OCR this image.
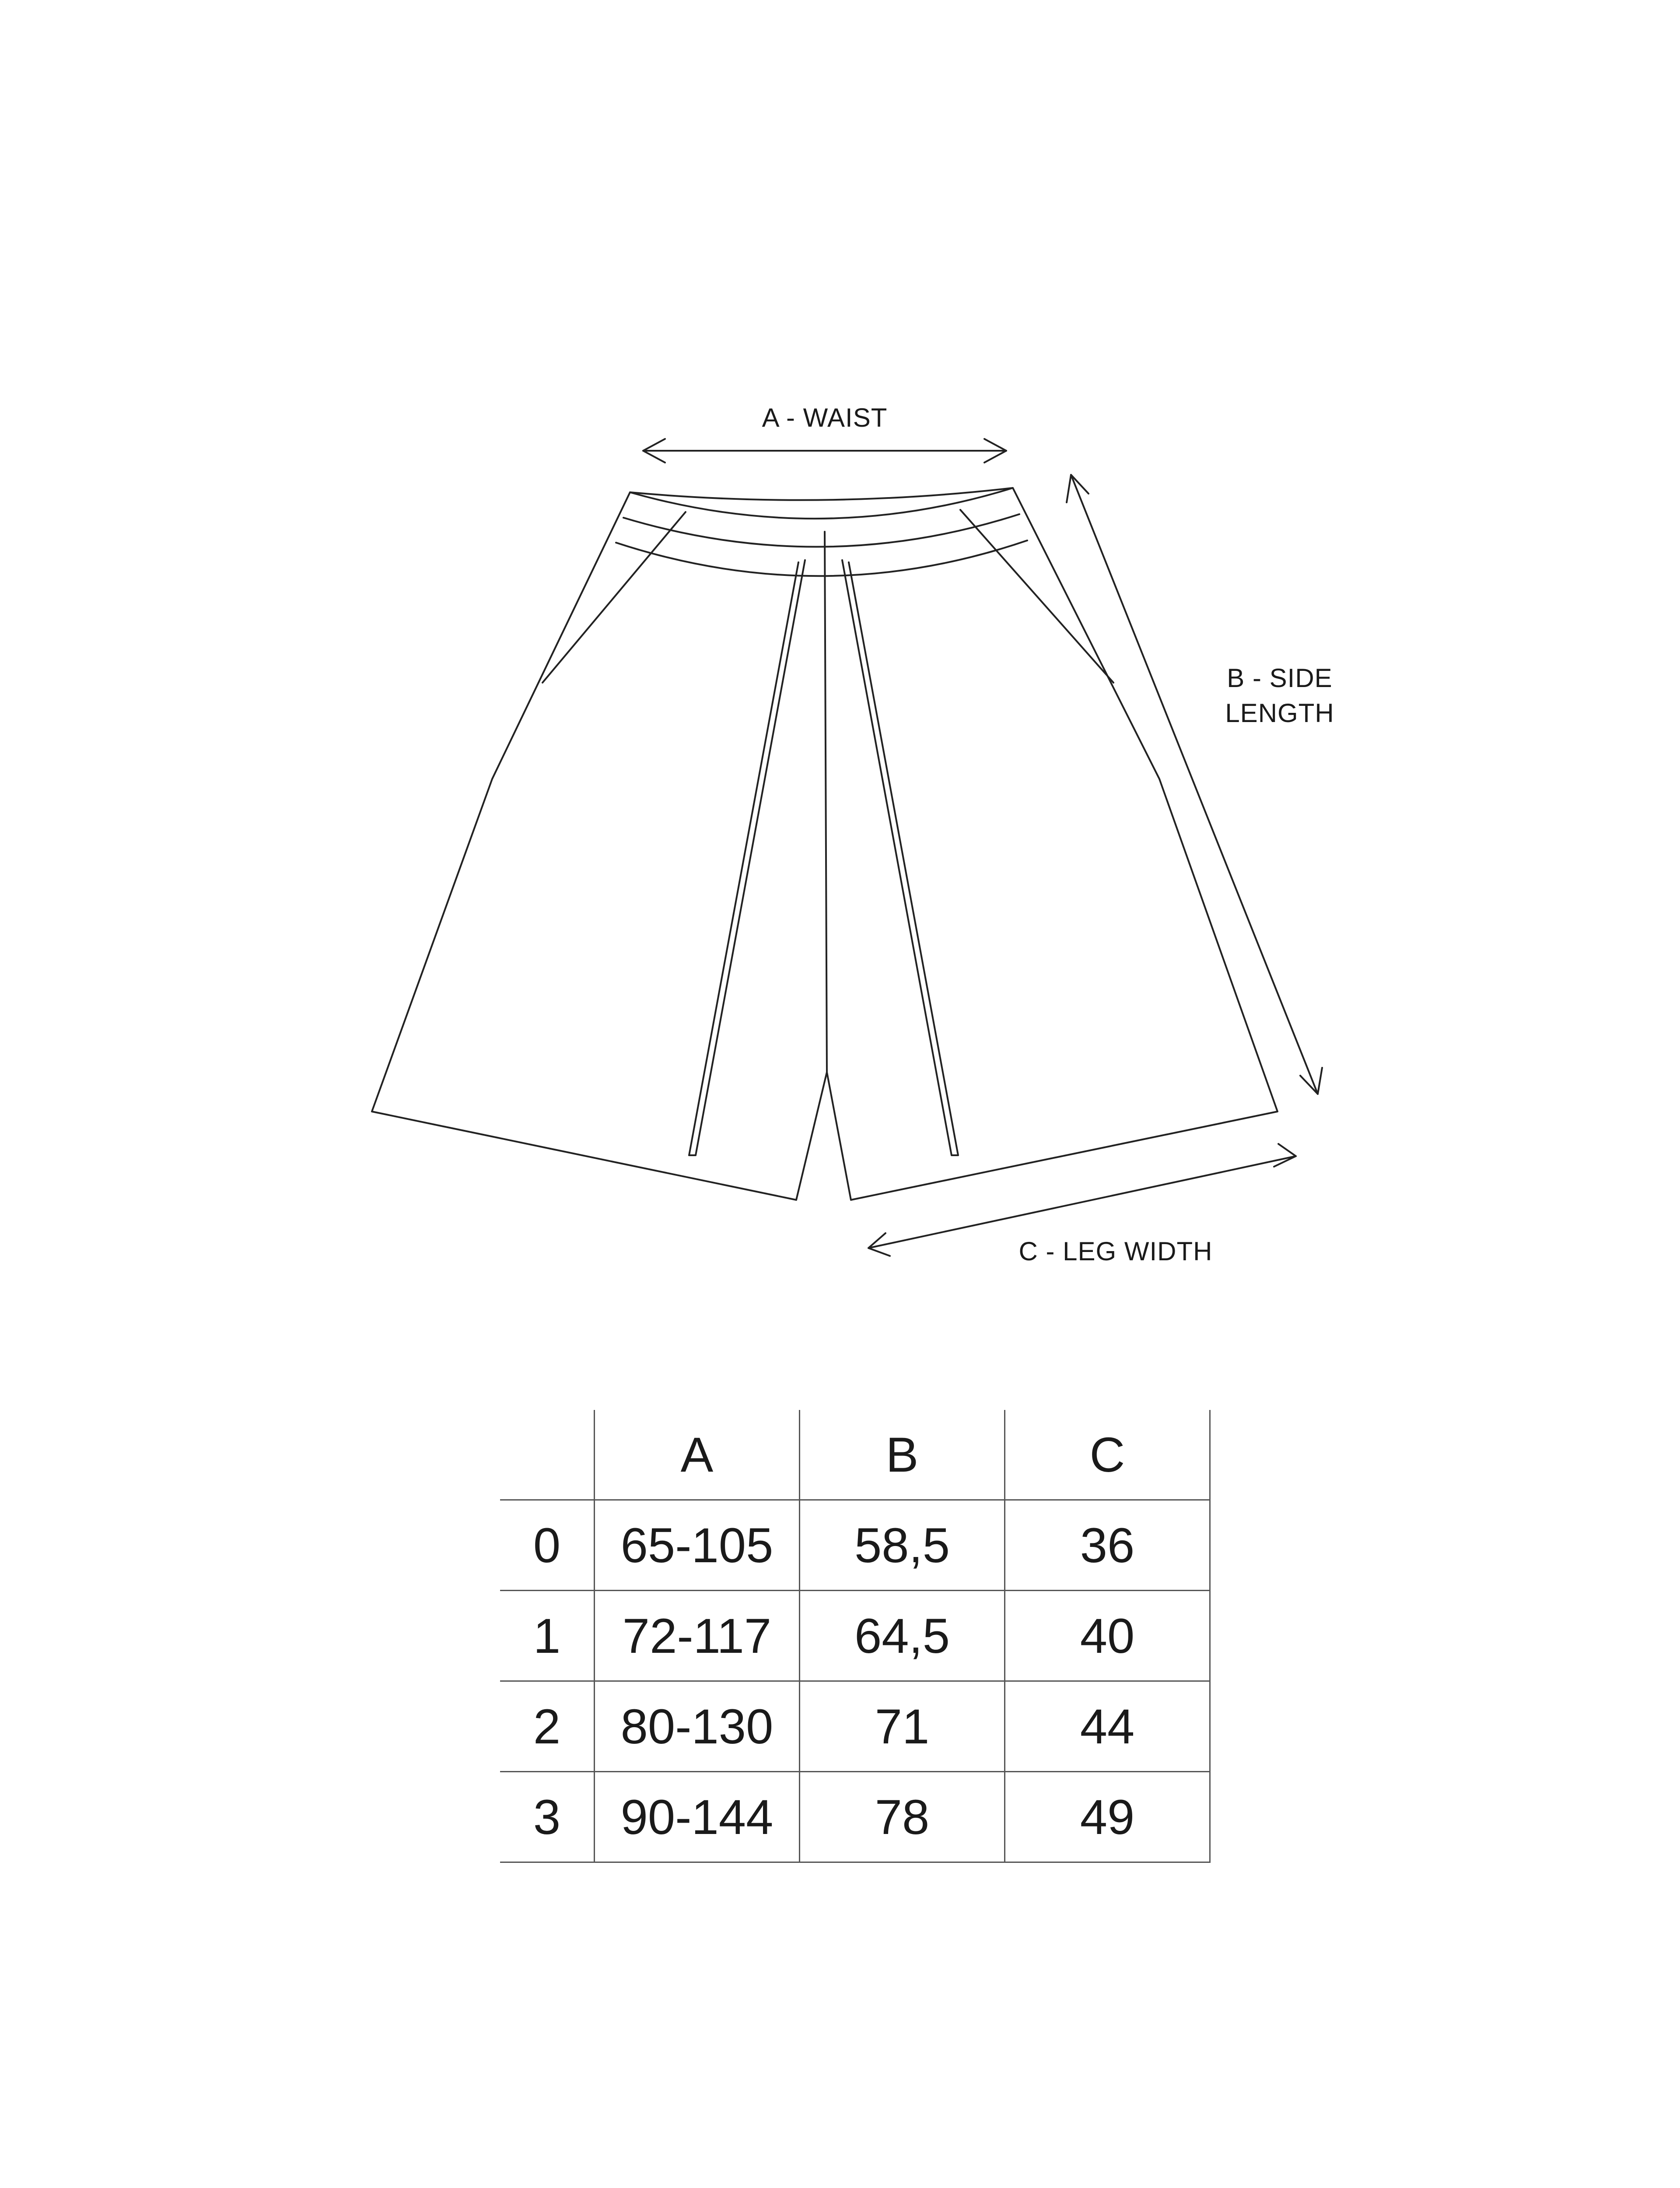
A - WAIST
B - SIDE
LENGTH
C - LEG WIDTH
	A	B	C
0	65-105	58,5	36
1	72-117	64,5	40
2	80-130	71	44
3	90-144	78	49
